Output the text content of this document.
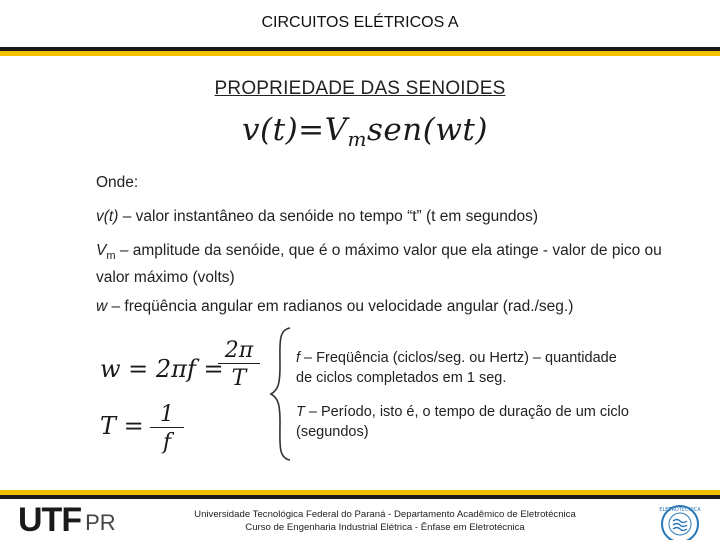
CIRCUITOS ELÉTRICOS A
PROPRIEDADE DAS SENOIDES
$v(t)=V_msen(wt)$
Onde:
v(t) – valor instantâneo da senóide no tempo “t” (t em segundos)
$V_m$ – amplitude da senóide, que é o máximo valor que ela atinge - valor de pico ou valor máximo (volts)
w – freqüência angular em radianos ou velocidade angular (rad./seg.)
w = 2πf =
$\frac{2\pi}{T}$
$T = \frac{1}{f}$
f – Freqüência (ciclos/seg. ou Hertz) – quantidade de ciclos completados em 1 seg.
T – Período, isto é, o tempo de duração de um ciclo (segundos)
UTF PR	Universidade Tecnológica Federal do Paraná - Departamento Acadêmico de Eletrotécnica
Curso de Engenharia Industrial Elétrica - Ênfase em Eletrotécnica
ELETROTÉCNICA
